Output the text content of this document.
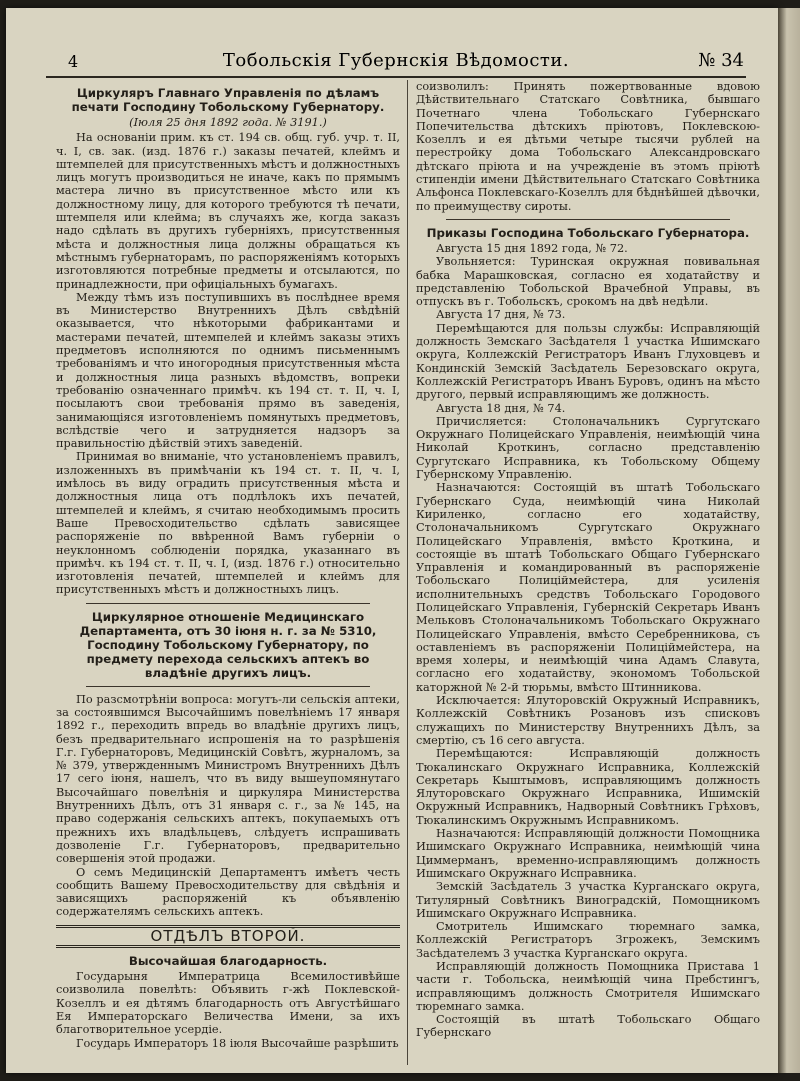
4	Тобольскія Губернскія Вѣдомости.	№ 34
Циркуляръ Главнаго Управленія по дѣламъ печати Господину Тобольскому Губернатору.
(Іюля 25 дня 1892 года. № 3191.)

На основаніи прим. къ ст. 194 св. общ. губ. учр. т. II, ч. I, св. зак. (изд. 1876 г.) заказы печатей, клеймъ и штемпелей для присутственныхъ мѣстъ и должностныхъ лицъ могутъ производиться не иначе, какъ по прямымъ мастера лично въ присутственное мѣсто или къ должностному лицу, для которого требуются тѣ печати, штемпеля или клейма; въ случаяхъ же, когда заказъ надо сдѣлать въ другихъ губерніяхъ, присутственныя мѣста и должностныя лица должны обращаться къ мѣстнымъ губернаторамъ, по распоряженіямъ которыхъ изготовляются потребные предметы и отсылаются, по принадлежности, при офиціальныхъ бумагахъ.

Между тѣмъ изъ поступившихъ въ послѣднее время въ Министерство Внутреннихъ Дѣлъ свѣдѣній оказывается, что нѣкоторыми фабрикантами и мастерами печатей, штемпелей и клеймъ заказы этихъ предметовъ исполняются по однимъ письменнымъ требованіямъ и что иногородныя присутственныя мѣста и должностныя лица разныхъ вѣдомствъ, вопреки требованію означеннаго примѣч. къ 194 ст. т. II, ч. I, посылаютъ свои требованія прямо въ заведенія, занимающіяся изготовленіемъ помянутыхъ предметовъ, вслѣдствіе чего и затрудняется надзоръ за правильностію дѣйствій этихъ заведеній.

Принимая во вниманіе, что установленіемъ правилъ, изложенныхъ въ примѣчаніи къ 194 ст. т. II, ч. I, имѣлось въ виду оградить присутственныя мѣста и должностныя лица отъ подлѣлокъ ихъ печатей, штемпелей и клеймъ, я считаю необходимымъ просить Ваше Превосходительство сдѣлать зависящее распоряженіе по ввѣренной Вамъ губерніи о неуклонномъ соблюденіи порядка, указаннаго въ примѣч. къ 194 ст. т. II, ч. I, (изд. 1876 г.) относительно изготовленія печатей, штемпелей и клеймъ для присутственныхъ мѣстъ и должностныхъ лицъ.

Циркулярное отношеніе Медицинскаго Департамента, отъ 30 іюня н. г. за № 5310, Господину Тобольскому Губернатору, по предмету перехода сельскихъ аптекъ во владѣніе другихъ лицъ.

По разсмотрѣніи вопроса: могутъ-ли сельскія аптеки, за состоявшимся Высочайшимъ повелѣніемъ 17 января 1892 г., переходить впредь во владѣніе другихъ лицъ, безъ предварительнаго испрошенія на то разрѣшенія Г.г. Губернаторовъ, Медицинскій Совѣтъ, журналомъ, за № 379, утвержденнымъ Министромъ Внутреннихъ Дѣлъ 17 сего іюня, нашелъ, что въ виду вышеупомянутаго Высочайшаго повелѣнія и циркуляра Министерства Внутреннихъ Дѣлъ, отъ 31 января с. г., за № 145, на право содержанія сельскихъ аптекъ, покупаемыхъ отъ прежнихъ ихъ владѣльцевъ, слѣдуетъ испрашивать дозволеніе Г.г. Губернаторовъ, предварительно совершенія этой продажи.

О семъ Медицинскій Департаментъ имѣетъ честь сообщить Вашему Превосходительству для свѣдѣнія и зависящихъ распоряженій къ объявленію содержателямъ сельскихъ аптекъ.

ОТДѢЛЪ ВТОРОЙ.
Высочайшая благодарность.

Государыня Императрица Всемилостивѣйше соизволила повелѣть: Объявить г-жѣ Поклевской-Козеллъ и ея дѣтямъ благодарность отъ Августѣйшаго Ея Императорскаго Величества Имени, за ихъ благотворительное усердіе.

Государь Императоръ 18 іюля Высочайше разрѣшить

соизволилъ: Принять пожертвованные вдовою Дѣйствительнаго Статскаго Совѣтника, бывшаго Почетнаго члена Тобольскаго Губернскаго Попечительства дѣтскихъ пріютовъ, Поклевскою-Козеллъ и ея дѣтьми четыре тысячи рублей на перестройку дома Тобольскаго Александровскаго дѣтскаго пріюта и на учрежденіе въ этомъ пріютѣ стипендіи имени Дѣйствительнаго Статскаго Совѣтника Альфонса Поклевскаго-Козеллъ для бѣднѣйшей дѣвочки, по преимуществу сироты.

Приказы Господина Тобольскаго Губернатора.

Августа 15 дня 1892 года, № 72.

Увольняется: Туринская окружная повивальная бабка Марашковская, согласно ея ходатайству и представленію Тобольской Врачебной Управы, въ отпускъ въ г. Тобольскъ, срокомъ на двѣ недѣли.

Августа 17 дня, № 73.

Перемѣщаются для пользы службы: Исправляющій должность Земскаго Засѣдателя 1 участка Ишимскаго округа, Коллежскій Регистраторъ Иванъ Глуховцевъ и Кондинскій Земскій Засѣдатель Березовскаго округа, Коллежскій Регистраторъ Иванъ Буровъ, одинъ на мѣсто другого, первый исправляющимъ же должность.

Августа 18 дня, № 74.

Причисляется: Столоначальникъ Сургутскаго Окружнаго Полицейскаго Управленія, неимѣющій чина Николай Кроткинъ, согласно представленію Сургутскаго Исправника, къ Тобольскому Общему Губернскому Управленію.

Назначаются: Состоящій въ штатѣ Тобольскаго Губернскаго Суда, неимѣющій чина Николай Кириленко, согласно его ходатайству, Столоначальникомъ Сургутскаго Окружнаго Полицейскаго Управленія, вмѣсто Кроткина, и состоящіе въ штатѣ Тобольскаго Общаго Губернскаго Управленія и командированный въ распоряженіе Тобольскаго Полиціймейстера, для усиленія исполнительныхъ средствъ Тобольскаго Городового Полицейскаго Управленія, Губернскій Секретарь Иванъ Мельковъ Столоначальникомъ Тобольскаго Окружнаго Полицейскаго Управленія, вмѣсто Серебренникова, съ оставленіемъ въ распоряженіи Полиціймейстера, на время холеры, и неимѣющій чина Адамъ Славута, согласно его ходатайству, экономомъ Тобольской каторжной № 2-й тюрьмы, вмѣсто Штинникова.

Исключается: Ялуторовскій Окружный Исправникъ, Коллежскій Совѣтникъ Розановъ изъ списковъ служащихъ по Министерству Внутреннихъ Дѣлъ, за смертію, съ 16 сего августа.

Перемѣщаются: Исправляющій должность Тюкалинскаго Окружнаго Исправника, Коллежскій Секретарь Кыштымовъ, исправляющимъ должность Ялуторовскаго Окружнаго Исправника, Ишимскій Окружный Исправникъ, Надворный Совѣтникъ Грѣховъ, Тюкалинскимъ Окружнымъ Исправникомъ.

Назначаются: Исправляющій должности Помощника Ишимскаго Окружнаго Исправника, неимѣющій чина Циммерманъ, временно-исправляющимъ должность Ишимскаго Окружнаго Исправника.

Земскій Засѣдатель 3 участка Курганскаго округа, Титулярный Совѣтникъ Виноградскій, Помощникомъ Ишимскаго Окружнаго Исправника.

Смотритель Ишимскаго тюремнаго замка, Коллежскій Регистраторъ Згрожекъ, Земскимъ Засѣдателемъ 3 участка Курганскаго округа.

Исправляющій должность Помощника Пристава 1 части г. Тобольска, неимѣющій чина Пребстингъ, исправляющимъ должность Смотрителя Ишимскаго тюремнаго замка.

Состоящій въ штатѣ Тобольскаго Общаго Губернскаго
